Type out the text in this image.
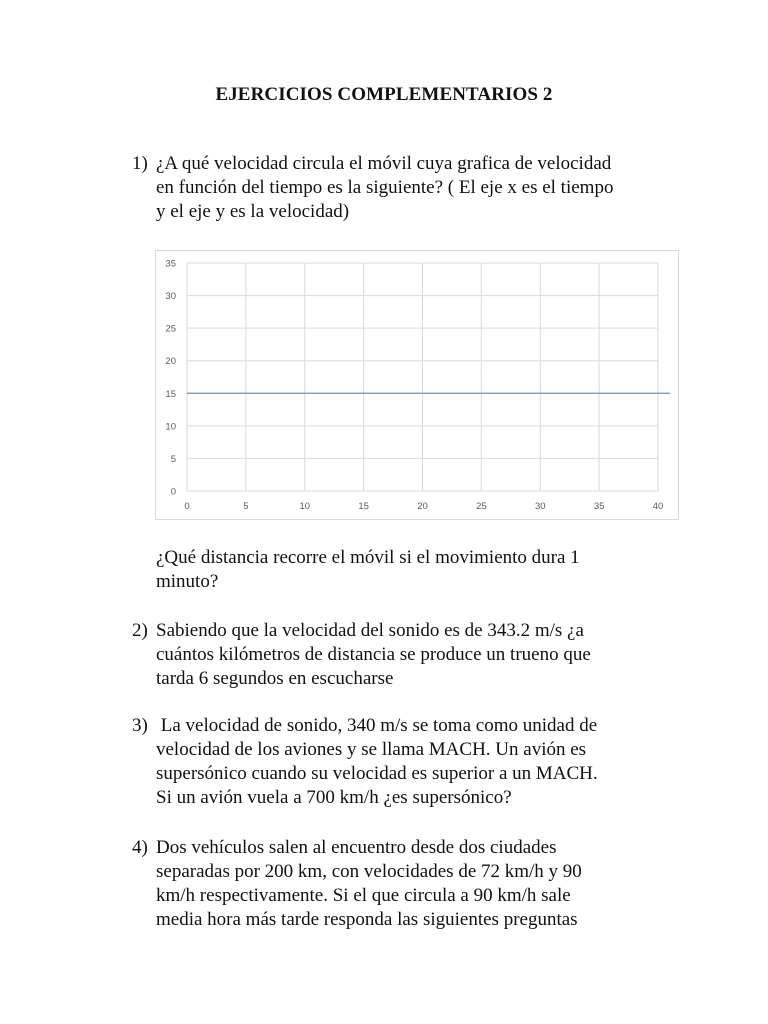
EJERCICIOS COMPLEMENTARIOS 2
1) ¿A qué velocidad circula el móvil cuya grafica de velocidad
en función del tiempo es la siguiente? ( El eje x es el tiempo
y el eje y es la velocidad)
0
5
10
15
20
25
30
35
0	5	10	15	20	25	30	35	40
¿Qué distancia recorre el móvil si el movimiento dura 1
minuto?
2) Sabiendo que la velocidad del sonido es de 343.2 m/s ¿a
cuántos kilómetros de distancia se produce un trueno que
tarda 6 segundos en escucharse
3) La velocidad de sonido, 340 m/s se toma como unidad de
velocidad de los aviones y se llama MACH. Un avión es
supersónico cuando su velocidad es superior a un MACH.
Si un avión vuela a 700 km/h ¿es supersónico?
4) Dos vehículos salen al encuentro desde dos ciudades
separadas por 200 km, con velocidades de 72 km/h y 90
km/h respectivamente. Si el que circula a 90 km/h sale
media hora más tarde responda las siguientes preguntas
